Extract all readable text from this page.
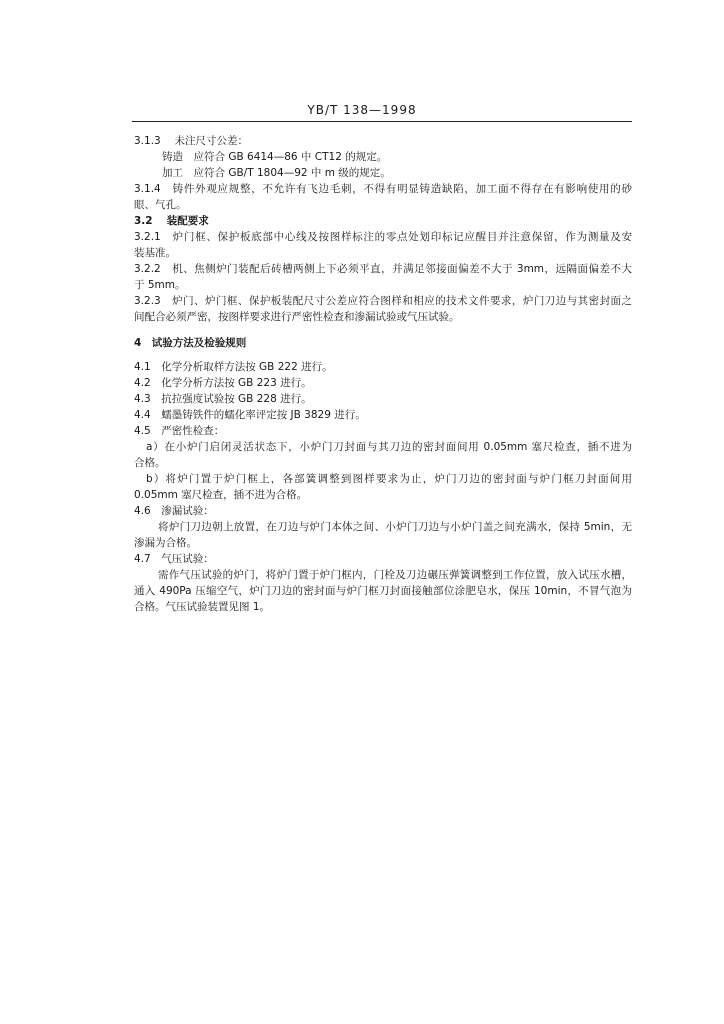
YB/T 138—1998
3.1.3　 未注尺寸公差：
铸造　应符合 GB 6414—86 中 CT12 的规定。
加工　应符合 GB/T 1804—92 中 m 级的规定。
3.1.4　铸件外观应规整，不允许有飞边毛刺，不得有明显铸造缺陷，加工面不得存在有影响使用的砂
眼、气孔。
3.2　 装配要求
3.2.1　炉门框、保护板底部中心线及按图样标注的零点处划印标记应醒目并注意保留，作为测量及安
装基准。
3.2.2　机、焦侧炉门装配后砖槽两侧上下必须平直，并满足邻接面偏差不大于 3mm，远隔面偏差不大
于 5mm。
3.2.3　炉门、炉门框、保护板装配尺寸公差应符合图样和相应的技术文件要求，炉门刀边与其密封面之
间配合必须严密，按图样要求进行严密性检查和渗漏试验或气压试验。
4　试验方法及检验规则
4.1　化学分析取样方法按 GB 222 进行。
4.2　化学分析方法按 GB 223 进行。
4.3　抗拉强度试验按 GB 228 进行。
4.4　蠕墨铸铁件的蠕化率评定按 JB 3829 进行。
4.5　严密性检查：
a）在小炉门启闭灵活状态下，小炉门刀封面与其刀边的密封面间用 0.05mm 塞尺检查，插不进为
合格。
b）将炉门置于炉门框上，各部簧调整到图样要求为止，炉门刀边的密封面与炉门框刀封面间用
0.05mm 塞尺检查，插不进为合格。
4.6　渗漏试验：
将炉门刀边朝上放置，在刀边与炉门本体之间、小炉门刀边与小炉门盖之间充满水，保持 5min，无
渗漏为合格。
4.7　气压试验：
需作气压试验的炉门，将炉门置于炉门框内，门栓及刀边碾压弹簧调整到工作位置，放入试压水槽，
通入 490Pa 压缩空气，炉门刀边的密封面与炉门框刀封面接触部位涂肥皂水，保压 10min，不冒气泡为
合格。气压试验装置见图 1。
